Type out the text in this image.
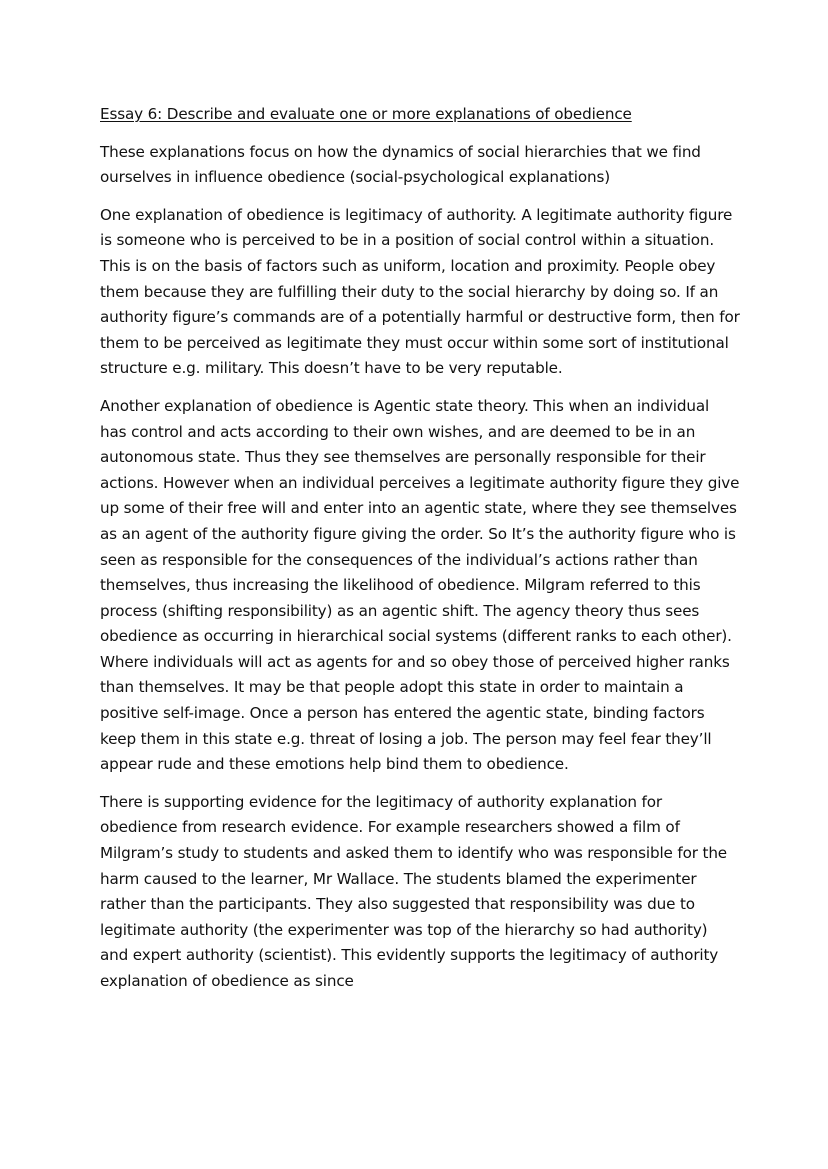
Essay 6: Describe and evaluate one or more explanations of obedience

These explanations focus on how the dynamics of social hierarchies that we find ourselves in influence obedience (social-psychological explanations)

One explanation of obedience is legitimacy of authority. A legitimate authority figure is someone who is perceived to be in a position of social control within a situation. This is on the basis of factors such as uniform, location and proximity. People obey them because they are fulfilling their duty to the social hierarchy by doing so. If an authority figure’s commands are of a potentially harmful or destructive form, then for them to be perceived as legitimate they must occur within some sort of institutional structure e.g. military. This doesn’t have to be very reputable.

Another explanation of obedience is Agentic state theory. This when an individual has control and acts according to their own wishes, and are deemed to be in an autonomous state. Thus they see themselves are personally responsible for their actions. However when an individual perceives a legitimate authority figure they give up some of their free will and enter into an agentic state, where they see themselves as an agent of the authority figure giving the order. So It’s the authority figure who is seen as responsible for the consequences of the individual’s actions rather than themselves, thus increasing the likelihood of obedience. Milgram referred to this process (shifting responsibility) as an agentic shift. The agency theory thus sees obedience as occurring in hierarchical social systems (different ranks to each other). Where individuals will act as agents for and so obey those of perceived higher ranks than themselves. It may be that people adopt this state in order to maintain a positive self-image. Once a person has entered the agentic state, binding factors keep them in this state e.g. threat of losing a job. The person may feel fear they’ll appear rude and these emotions help bind them to obedience.

There is supporting evidence for the legitimacy of authority explanation for obedience from research evidence. For example researchers showed a film of Milgram’s study to students and asked them to identify who was responsible for the harm caused to the learner, Mr Wallace. The students blamed the experimenter rather than the participants. They also suggested that responsibility was due to legitimate authority (the experimenter was top of the hierarchy so had authority) and expert authority (scientist). This evidently supports the legitimacy of authority explanation of obedience as since
